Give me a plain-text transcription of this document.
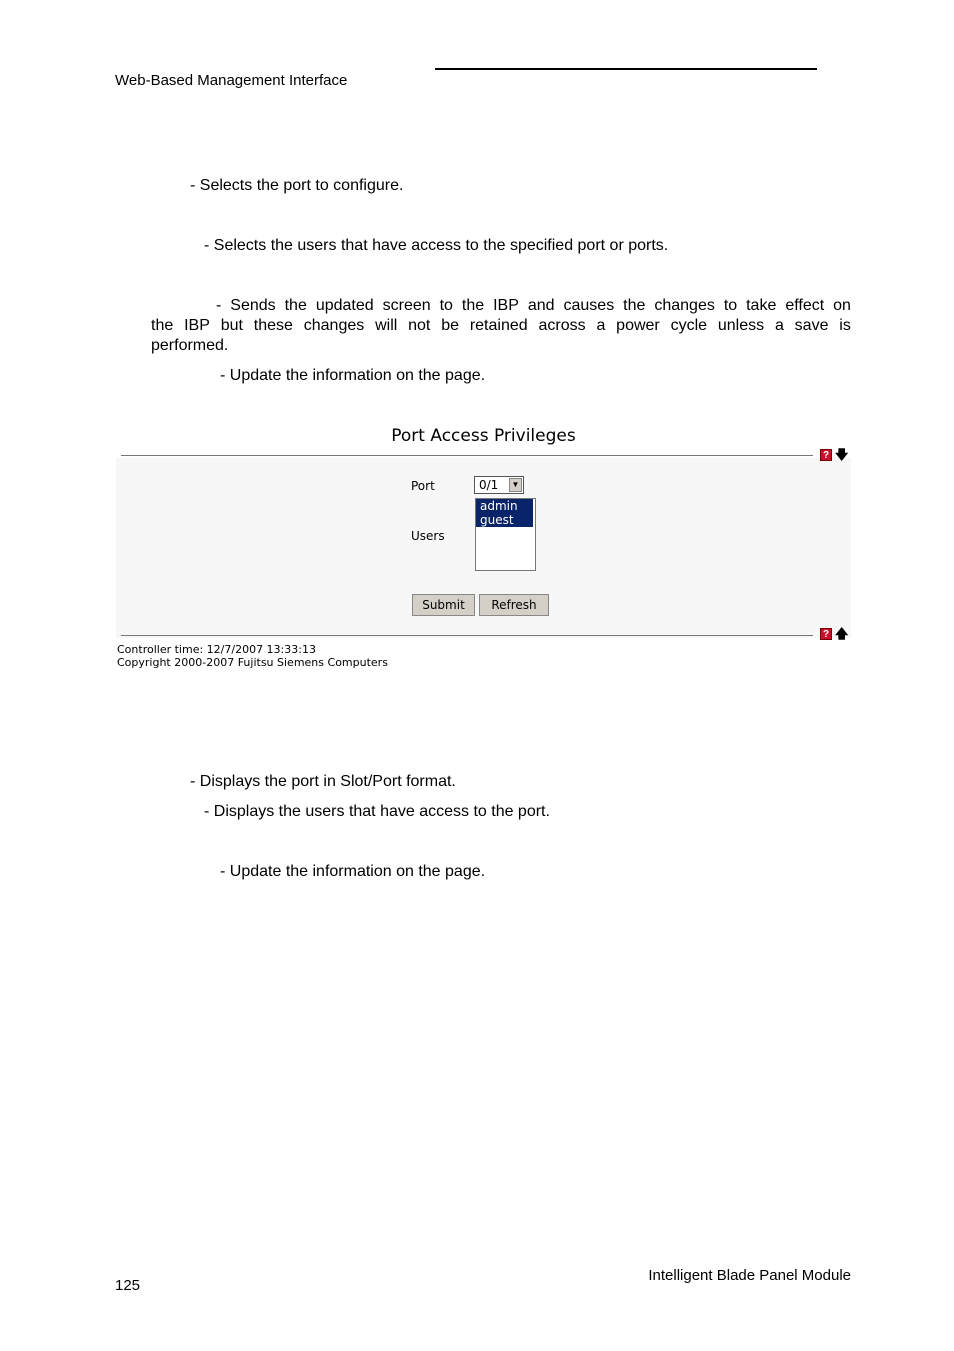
Web-Based Management Interface
- Selects the port to configure.
- Selects the users that have access to the specified port or ports.
- Sends the updated screen to the IBP and causes the changes to take effect on
the IBP but these changes will not be retained across a power cycle unless a save is
performed.
- Update the information on the page.
Port Access Privileges
? 🡇
Port	0/1	▼
Users
admin
guest
Submit	Refresh
? 🡅
Controller time: 12/7/2007 13:33:13
Copyright 2000-2007 Fujitsu Siemens Computers
- Displays the port in Slot/Port format.
- Displays the users that have access to the port.
- Update the information on the page.
125
Intelligent Blade Panel Module
